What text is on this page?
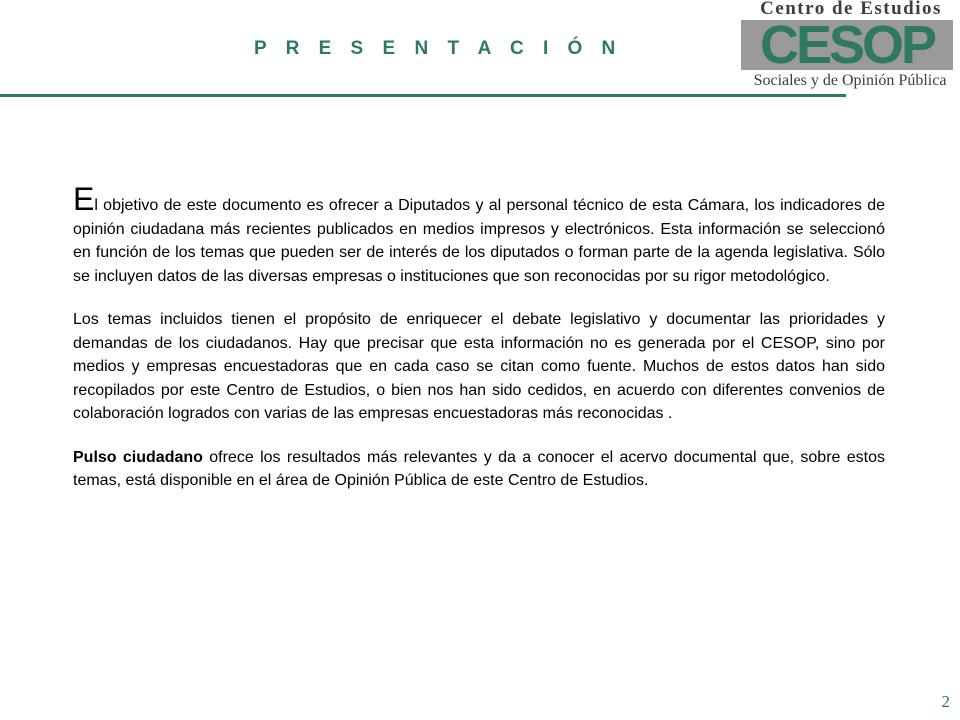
P R E S E N T A C I Ó N
Centro de Estudios
CESOP
Sociales y de Opinión Pública

El objetivo de este documento es ofrecer a Diputados y al personal técnico de esta Cámara, los indicadores de opinión ciudadana más recientes publicados en medios impresos y electrónicos. Esta información se seleccionó en función de los temas que pueden ser de interés de los diputados o forman parte de la agenda legislativa. Sólo se incluyen datos de las diversas empresas o instituciones que son reconocidas por su rigor metodológico.

Los temas incluidos tienen el propósito de enriquecer el debate legislativo y documentar las prioridades y demandas de los ciudadanos. Hay que precisar que esta información no es generada por el CESOP, sino por medios y empresas encuestadoras que en cada caso se citan como fuente. Muchos de estos datos han sido recopilados por este Centro de Estudios, o bien nos han sido cedidos, en acuerdo con diferentes convenios de colaboración logrados con varias de las empresas encuestadoras más reconocidas .

Pulso ciudadano ofrece los resultados más relevantes y da a conocer el acervo documental que, sobre estos temas, está disponible en el área de Opinión Pública de este Centro de Estudios.

2
